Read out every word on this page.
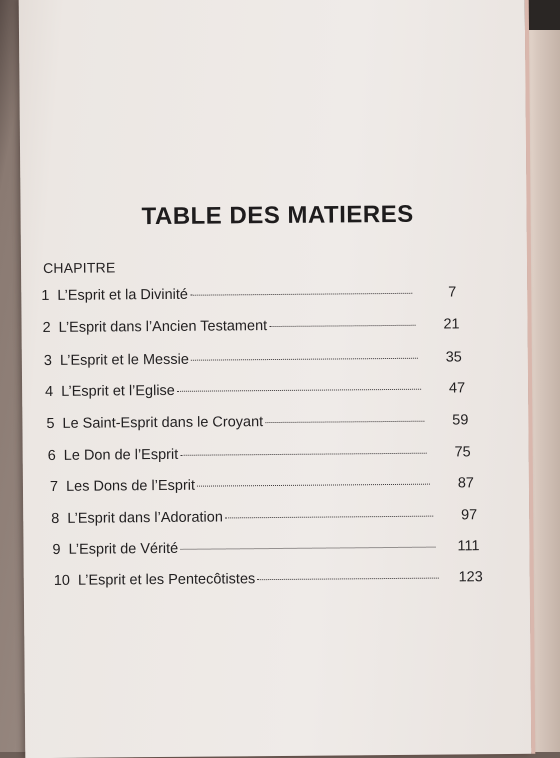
TABLE DES MATIERES
CHAPITRE
1 L’Esprit et la Divinité	7
2 L’Esprit dans l’Ancien Testament	21
3 L’Esprit et le Messie	35
4 L’Esprit et l’Eglise	47
5 Le Saint-Esprit dans le Croyant	59
6 Le Don de l’Esprit	75
7 Les Dons de l’Esprit	87
8 L’Esprit dans l’Adoration	97
9 L’Esprit de Vérité	111
10 L’Esprit et les Pentecôtistes	123
